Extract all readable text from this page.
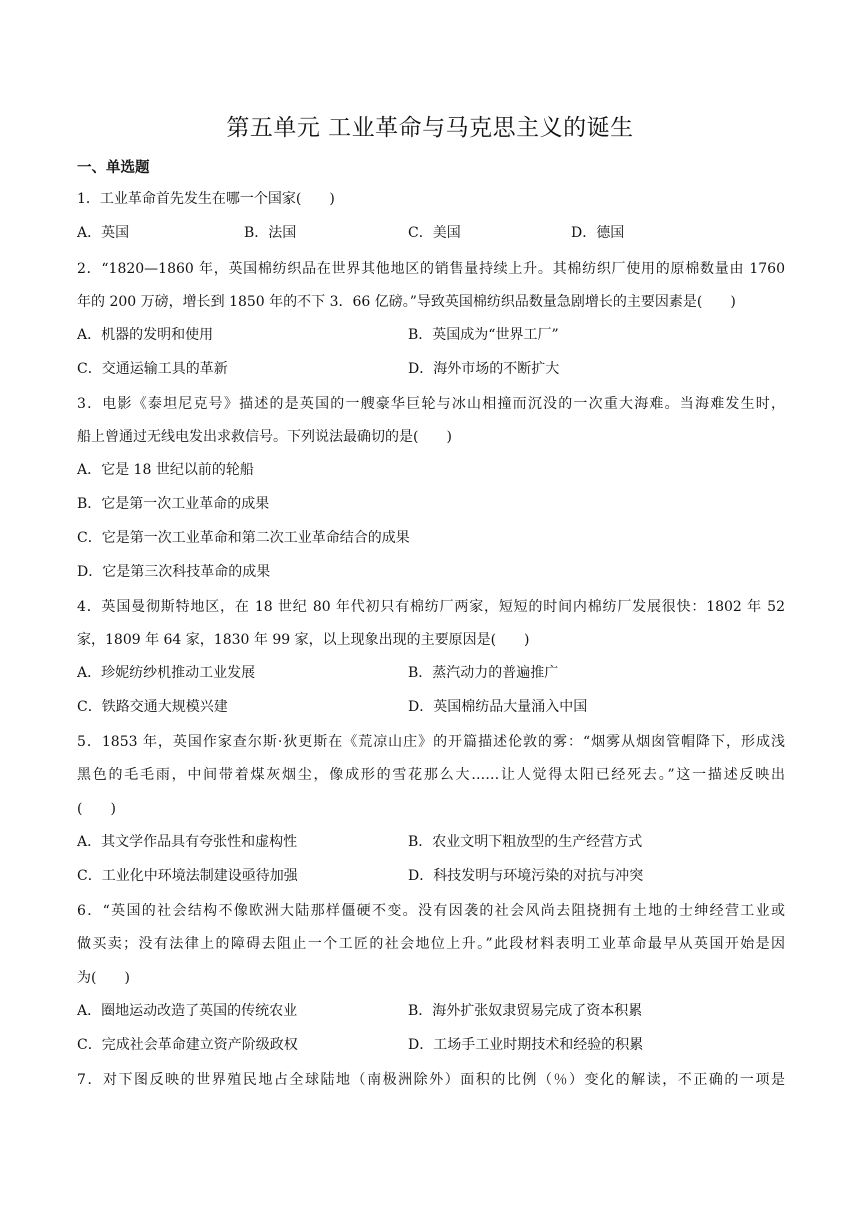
第五单元 工业革命与马克思主义的诞生
一、单选题
1．工业革命首先发生在哪一个国家(　　)
A．英国	B．法国	C．美国	D．德国
2．“1820—1860 年，英国棉纺织品在世界其他地区的销售量持续上升。其棉纺织厂使用的原棉数量由 1760
年的 200 万磅，增长到 1850 年的不下 3．66 亿磅。”导致英国棉纺织品数量急剧增长的主要因素是(　　)
A．机器的发明和使用	B．英国成为“世界工厂”
C．交通运输工具的革新	D．海外市场的不断扩大
3．电影《泰坦尼克号》描述的是英国的一艘豪华巨轮与冰山相撞而沉没的一次重大海难。当海难发生时，
船上曾通过无线电发出求救信号。下列说法最确切的是(　　)
A．它是 18 世纪以前的轮船
B．它是第一次工业革命的成果
C．它是第一次工业革命和第二次工业革命结合的成果
D．它是第三次科技革命的成果
4．英国曼彻斯特地区，在 18 世纪 80 年代初只有棉纺厂两家，短短的时间内棉纺厂发展很快：1802 年 52
家，1809 年 64 家，1830 年 99 家，以上现象出现的主要原因是(　　)
A．珍妮纺纱机推动工业发展	B．蒸汽动力的普遍推广
C．铁路交通大规模兴建	D．英国棉纺品大量涌入中国
5．1853 年，英国作家查尔斯·狄更斯在《荒凉山庄》的开篇描述伦敦的雾：“烟雾从烟囱管帽降下，形成浅
黑色的毛毛雨，中间带着煤灰烟尘，像成形的雪花那么大……让人觉得太阳已经死去。”这一描述反映出
(　　)
A．其文学作品具有夸张性和虚构性	B．农业文明下粗放型的生产经营方式
C．工业化中环境法制建设亟待加强	D．科技发明与环境污染的对抗与冲突
6．“英国的社会结构不像欧洲大陆那样僵硬不变。没有因袭的社会风尚去阻挠拥有土地的士绅经营工业或
做买卖；没有法律上的障碍去阻止一个工匠的社会地位上升。”此段材料表明工业革命最早从英国开始是因
为(　　)
A．圈地运动改造了英国的传统农业	B．海外扩张奴隶贸易完成了资本积累
C．完成社会革命建立资产阶级政权	D．工场手工业时期技术和经验的积累
7．对下图反映的世界殖民地占全球陆地（南极洲除外）面积的比例（％）变化的解读，不正确的一项是
